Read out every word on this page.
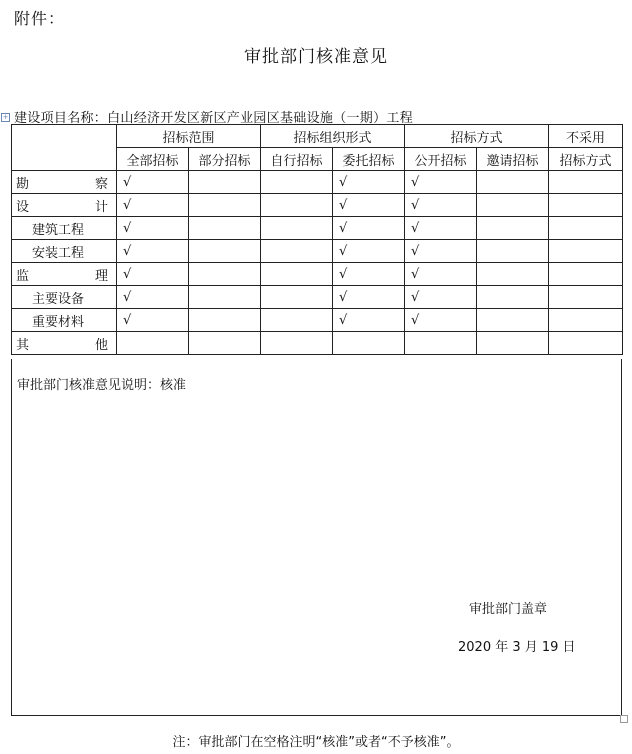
附件：
审批部门核准意见
+ 建设项目名称：白山经济开发区新区产业园区基础设施（一期）工程
	招标范围		招标组织形式		招标方式		不采用
	全部招标	部分招标	自行招标	委托招标	公开招标	邀请招标	招标方式

勘 察	√			√	√		

设 计	√			√	√		
建筑工程	√			√	√		
安装工程	√			√	√		

监 理	√			√	√		
主要设备	√			√	√		
重要材料	√			√	√		

其 他							

审批部门核准意见说明：核准
审批部门盖章
2020 年 3 月 19 日
注：审批部门在空格注明“核准”或者“不予核准”。
